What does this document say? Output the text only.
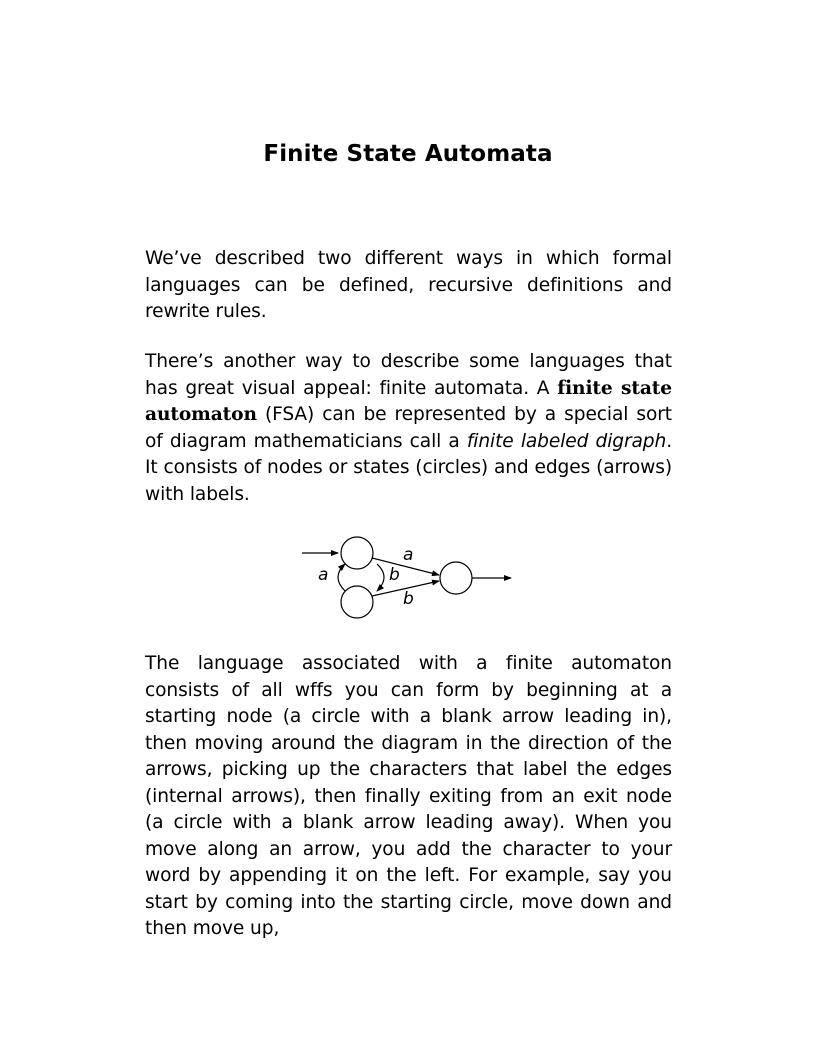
Finite State Automata

We’ve described two different ways in which formal languages can be defined, recursive definitions and rewrite rules.

There’s another way to describe some languages that has great visual appeal: finite automata. A finite state automaton (FSA) can be represented by a special sort of diagram mathematicians call a finite labeled digraph. It consists of nodes or states (circles) and edges (arrows) with labels.

a
a	b
b

The language associated with a finite automaton consists of all wffs you can form by beginning at a starting node (a circle with a blank arrow leading in), then moving around the diagram in the direction of the arrows, picking up the characters that label the edges (internal arrows), then finally exiting from an exit node (a circle with a blank arrow leading away). When you move along an arrow, you add the character to your word by appending it on the left. For example, say you start by coming into the starting circle, move down and then move up,
